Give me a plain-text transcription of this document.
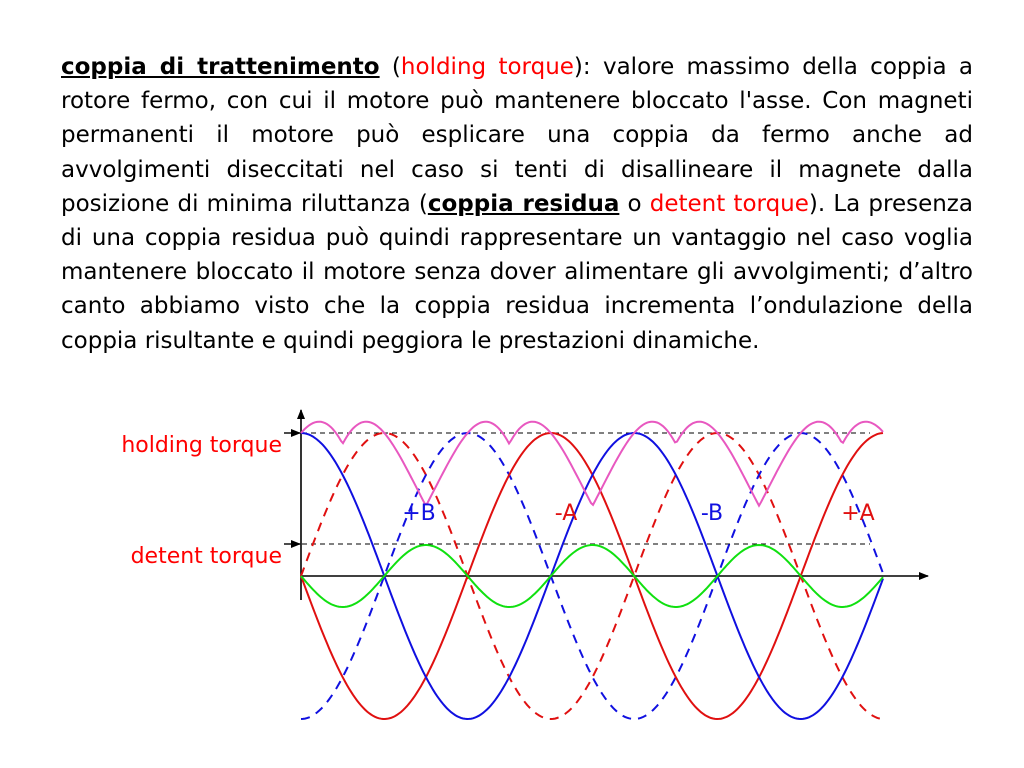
coppia di trattenimento (holding torque): valore massimo della coppia a rotore fermo, con cui il motore può mantenere bloccato l'asse. Con magneti permanenti il motore può esplicare una coppia da fermo anche ad avvolgimenti diseccitati nel caso si tenti di disallineare il magnete dalla posizione di minima riluttanza (coppia residua o detent torque). La presenza di una coppia residua può quindi rappresentare un vantaggio nel caso voglia mantenere bloccato il motore senza dover alimentare gli avvolgimenti; d’altro canto abbiamo visto che la coppia residua incrementa l’ondulazione della coppia risultante e quindi peggiora le prestazioni dinamiche.

holding torque
detent torque
+B	-A	-B	+A
